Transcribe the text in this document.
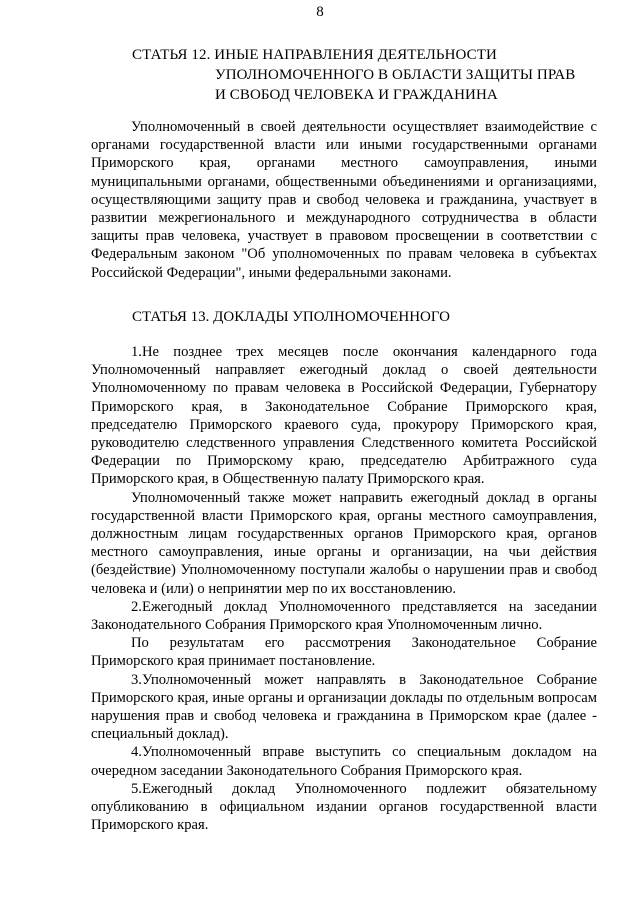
8
СТАТЬЯ 12. ИНЫЕ НАПРАВЛЕНИЯ ДЕЯТЕЛЬНОСТИ
УПОЛНОМОЧЕННОГО В ОБЛАСТИ ЗАЩИТЫ ПРАВ
И СВОБОД ЧЕЛОВЕКА И ГРАЖДАНИНА

Уполномоченный в своей деятельности осуществляет взаимодействие с органами государственной власти или иными государственными органами Приморского края, органами местного самоуправления, иными муниципальными органами, общественными объединениями и организациями, осуществляющими защиту прав и свобод человека и гражданина, участвует в развитии межрегионального и международного сотрудничества в области защиты прав человека, участвует в правовом просвещении в соответствии с Федеральным законом "Об уполномоченных по правам человека в субъектах Российской Федерации", иными федеральными законами.

СТАТЬЯ 13. ДОКЛАДЫ УПОЛНОМОЧЕННОГО

1.Не позднее трех месяцев после окончания календарного года Уполномоченный направляет ежегодный доклад о своей деятельности Уполномоченному по правам человека в Российской Федерации, Губернатору Приморского края, в Законодательное Собрание Приморского края, председателю Приморского краевого суда, прокурору Приморского края, руководителю следственного управления Следственного комитета Российской Федерации по Приморскому краю, председателю Арбитражного суда Приморского края, в Общественную палату Приморского края.

Уполномоченный также может направить ежегодный доклад в органы государственной власти Приморского края, органы местного самоуправления, должностным лицам государственных органов Приморского края, органов местного самоуправления, иные органы и организации, на чьи действия (бездействие) Уполномоченному поступали жалобы о нарушении прав и свобод человека и (или) о непринятии мер по их восстановлению.

2.Ежегодный доклад Уполномоченного представляется на заседании Законодательного Собрания Приморского края Уполномоченным лично.

По результатам его рассмотрения Законодательное Собрание Приморского края принимает постановление.

3.Уполномоченный может направлять в Законодательное Собрание Приморского края, иные органы и организации доклады по отдельным вопросам нарушения прав и свобод человека и гражданина в Приморском крае (далее - специальный доклад).

4.Уполномоченный вправе выступить со специальным докладом на очередном заседании Законодательного Собрания Приморского края.

5.Ежегодный доклад Уполномоченного подлежит обязательному опубликованию в официальном издании органов государственной власти Приморского края.
